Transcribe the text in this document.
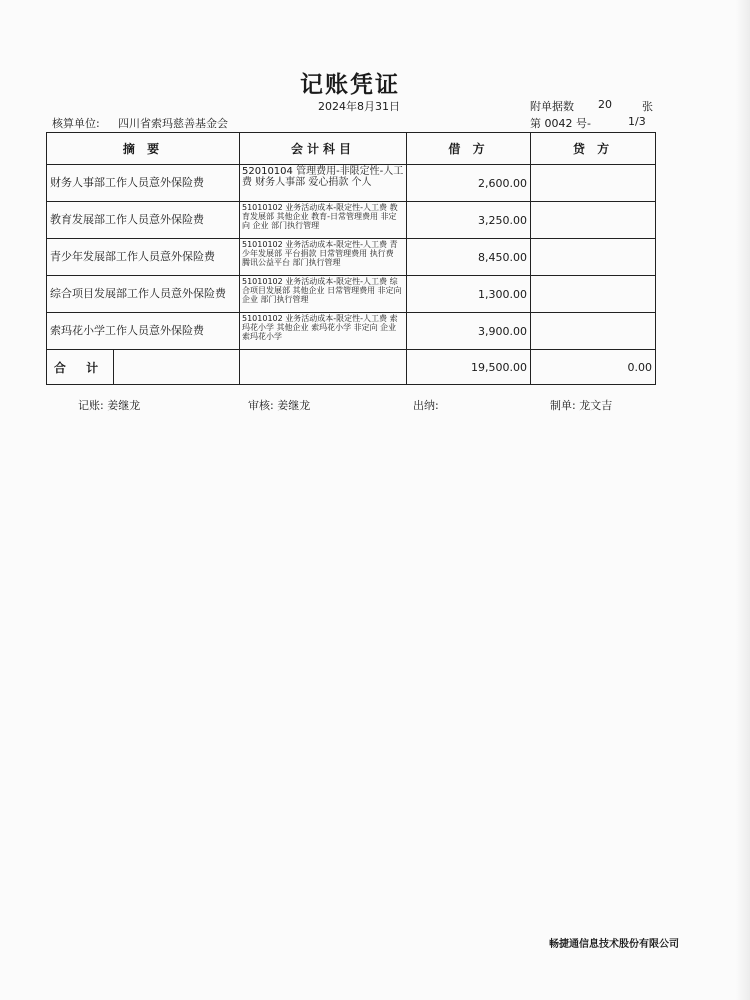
记账凭证
2024年8月31日	附单据数 20	张
核算单位: 四川省索玛慈善基金会	第 0042 号-	1/3
摘 要	会计科目	借 方	贷 方
财务人事部工作人员意外保险费	52010104 管理费用-非限定性-人工费 财务人事部 爱心捐款 个人	2,600.00	
教育发展部工作人员意外保险费	51010102 业务活动成本-限定性-人工费 教育发展部 其他企业 教育-日常管理费用 非定向 企业 部门执行管理	3,250.00	
青少年发展部工作人员意外保险费	51010102 业务活动成本-限定性-人工费 青少年发展部 平台捐款 日常管理费用 执行费 腾讯公益平台 部门执行管理	8,450.00	
综合项目发展部工作人员意外保险费	51010102 业务活动成本-限定性-人工费 综合项目发展部 其他企业 日常管理费用 非定向 企业 部门执行管理	1,300.00	
索玛花小学工作人员意外保险费	51010102 业务活动成本-限定性-人工费 索玛花小学 其他企业 索玛花小学 非定向 企业 索玛花小学	3,900.00	

合 计		19,500.00	0.00
记账: 姜继龙	审核: 姜继龙	出纳:	制单: 龙文吉
畅捷通信息技术股份有限公司
